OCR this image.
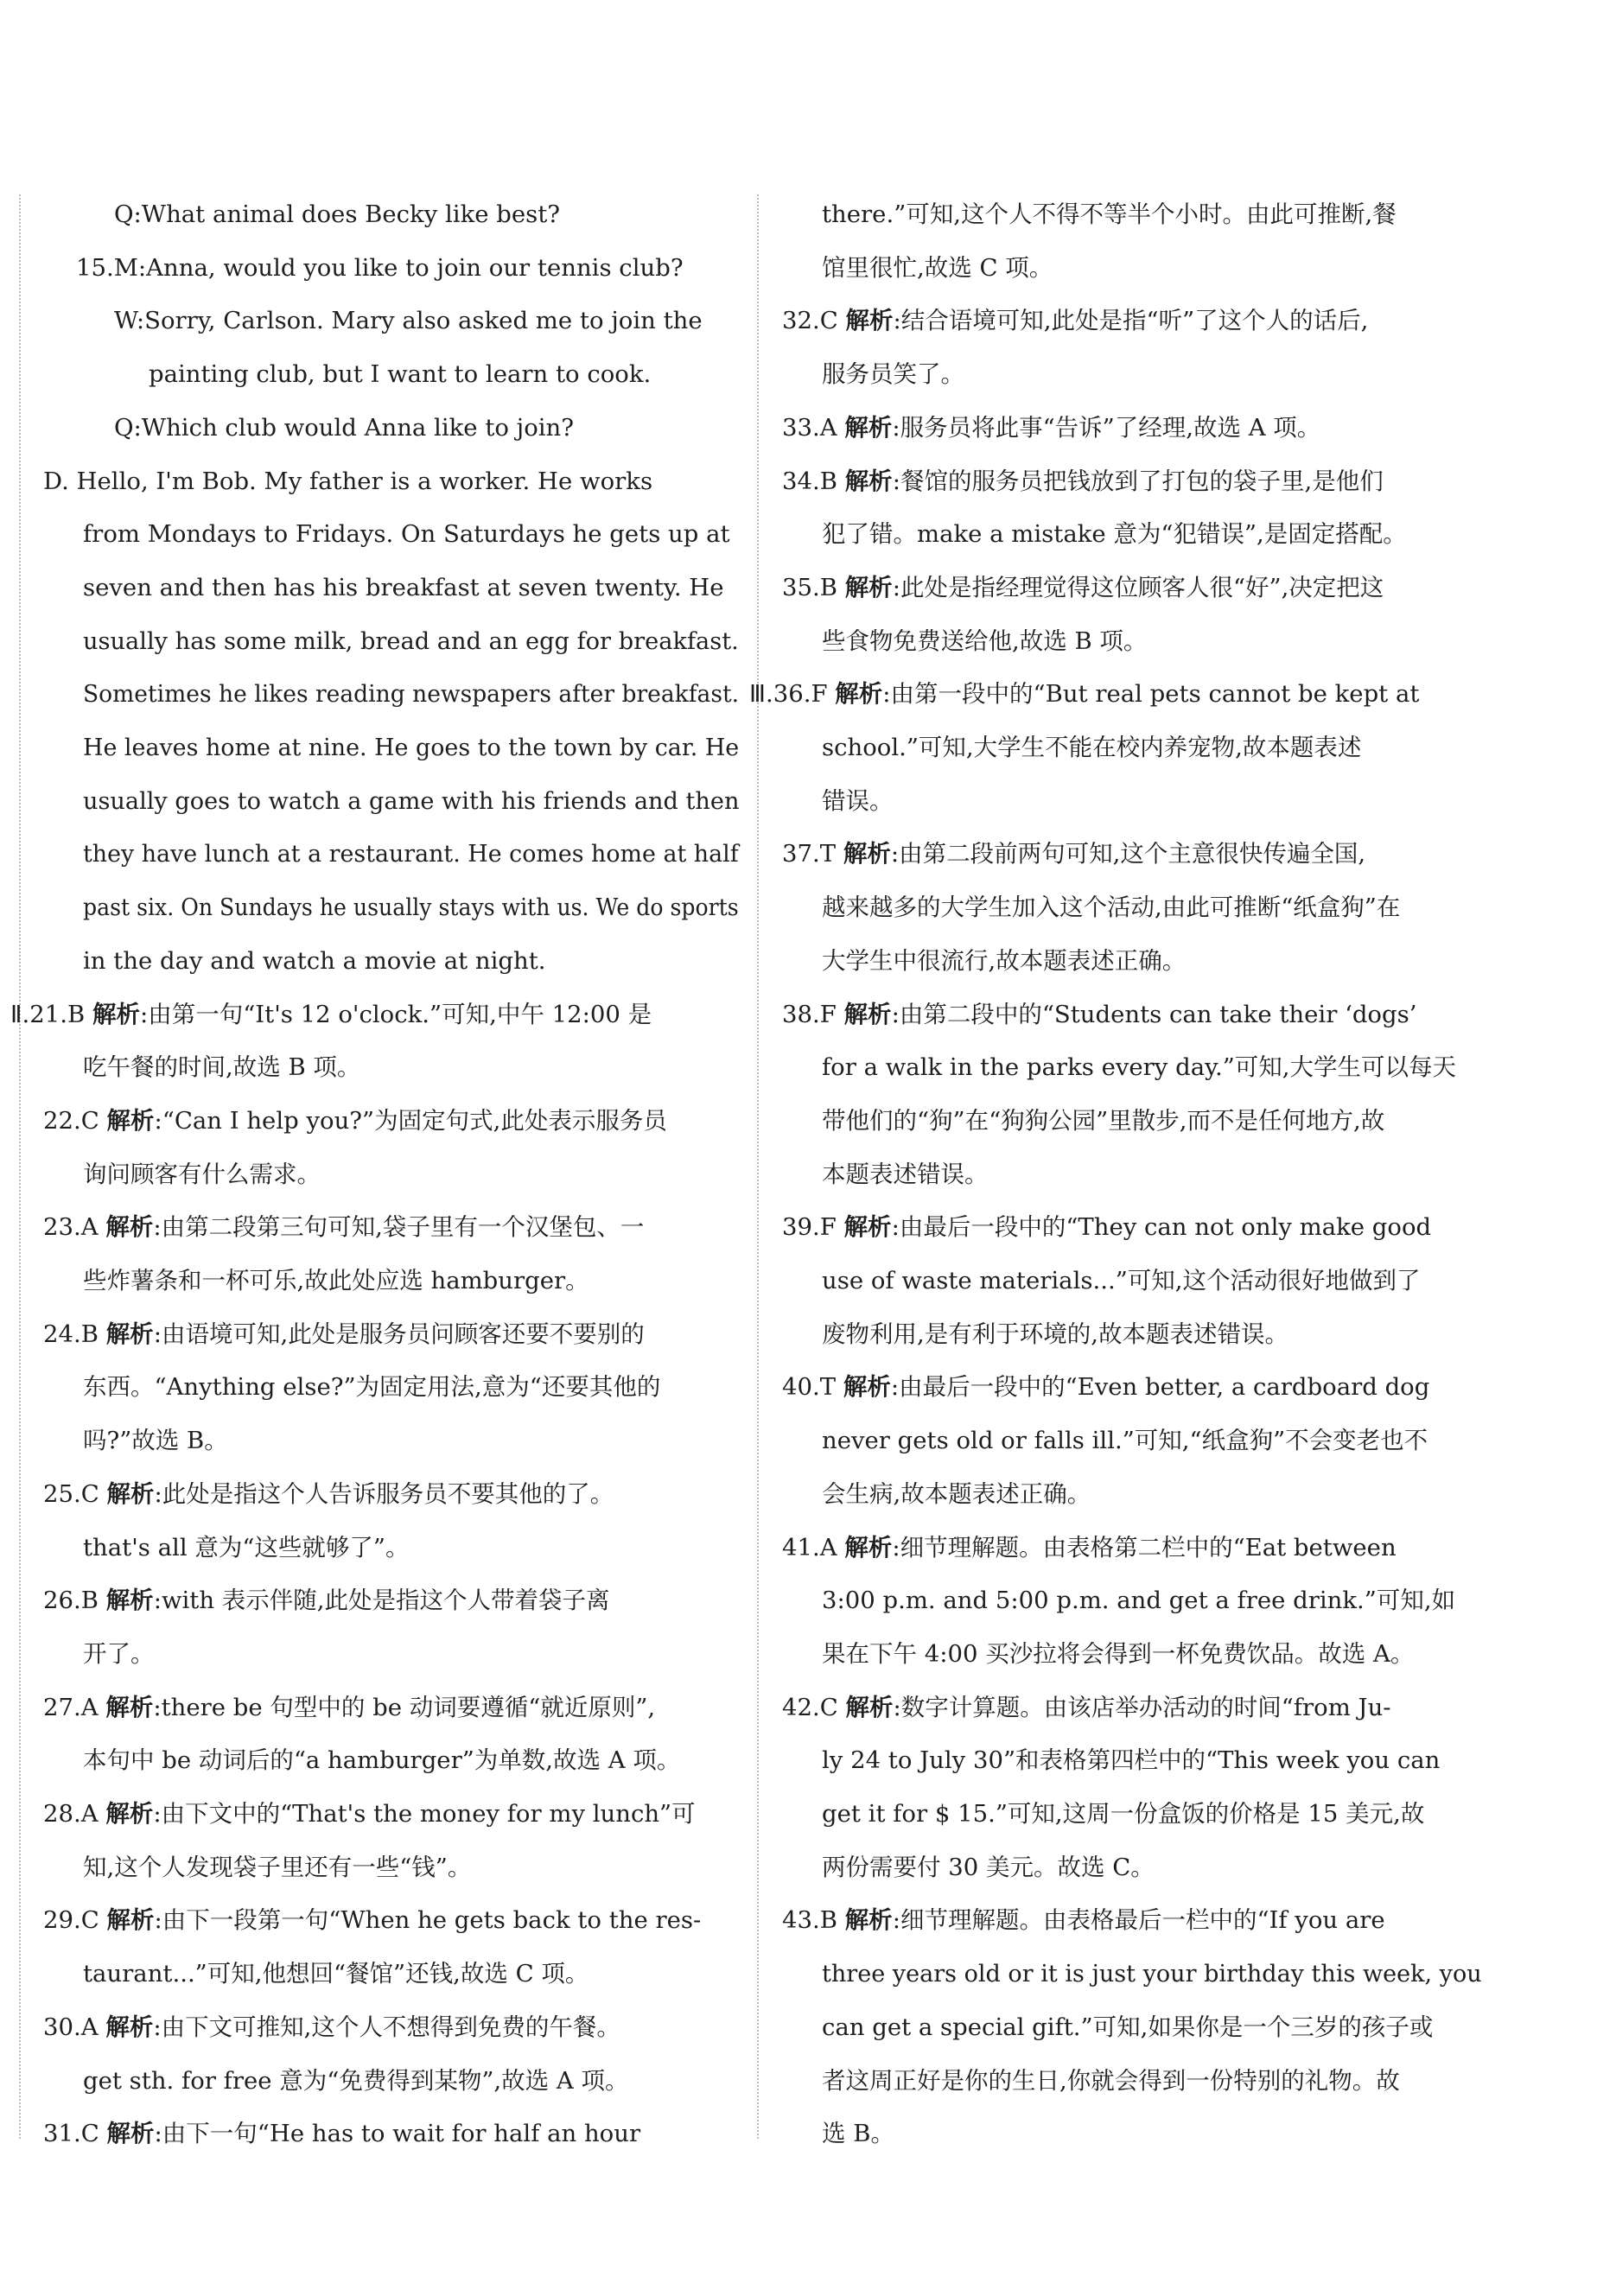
Q:What animal does Becky like best?
15.M:Anna, would you like to join our tennis club?
W:Sorry, Carlson. Mary also asked me to join the
painting club, but I want to learn to cook.
Q:Which club would Anna like to join?
D. Hello, I'm Bob. My father is a worker. He works
from Mondays to Fridays. On Saturdays he gets up at
seven and then has his breakfast at seven twenty. He
usually has some milk, bread and an egg for breakfast.
Sometimes he likes reading newspapers after breakfast.
He leaves home at nine. He goes to the town by car. He
usually goes to watch a game with his friends and then
they have lunch at a restaurant. He comes home at half
past six. On Sundays he usually stays with us. We do sports
in the day and watch a movie at night.
Ⅱ.21.B 解析:由第一句“It's 12 o'clock.”可知,中午 12:00 是
吃午餐的时间,故选 B 项。
22.C 解析:“Can I help you?”为固定句式,此处表示服务员
询问顾客有什么需求。
23.A 解析:由第二段第三句可知,袋子里有一个汉堡包、一
些炸薯条和一杯可乐,故此处应选 hamburger。
24.B 解析:由语境可知,此处是服务员问顾客还要不要别的
东西。“Anything else?”为固定用法,意为“还要其他的
吗?”故选 B。
25.C 解析:此处是指这个人告诉服务员不要其他的了。
that's all 意为“这些就够了”。
26.B 解析:with 表示伴随,此处是指这个人带着袋子离
开了。
27.A 解析:there be 句型中的 be 动词要遵循“就近原则”,
本句中 be 动词后的“a hamburger”为单数,故选 A 项。
28.A 解析:由下文中的“That's the money for my lunch”可
知,这个人发现袋子里还有一些“钱”。
29.C 解析:由下一段第一句“When he gets back to the res-
taurant...”可知,他想回“餐馆”还钱,故选 C 项。
30.A 解析:由下文可推知,这个人不想得到免费的午餐。
get sth. for free 意为“免费得到某物”,故选 A 项。
31.C 解析:由下一句“He has to wait for half an hour
there.”可知,这个人不得不等半个小时。由此可推断,餐
馆里很忙,故选 C 项。
32.C 解析:结合语境可知,此处是指“听”了这个人的话后,
服务员笑了。
33.A 解析:服务员将此事“告诉”了经理,故选 A 项。
34.B 解析:餐馆的服务员把钱放到了打包的袋子里,是他们
犯了错。make a mistake 意为“犯错误”,是固定搭配。
35.B 解析:此处是指经理觉得这位顾客人很“好”,决定把这
些食物免费送给他,故选 B 项。
Ⅲ.36.F 解析:由第一段中的“But real pets cannot be kept at
school.”可知,大学生不能在校内养宠物,故本题表述
错误。
37.T 解析:由第二段前两句可知,这个主意很快传遍全国,
越来越多的大学生加入这个活动,由此可推断“纸盒狗”在
大学生中很流行,故本题表述正确。
38.F 解析:由第二段中的“Students can take their ‘dogs’
for a walk in the parks every day.”可知,大学生可以每天
带他们的“狗”在“狗狗公园”里散步,而不是任何地方,故
本题表述错误。
39.F 解析:由最后一段中的“They can not only make good
use of waste materials...”可知,这个活动很好地做到了
废物利用,是有利于环境的,故本题表述错误。
40.T 解析:由最后一段中的“Even better, a cardboard dog
never gets old or falls ill.”可知,“纸盒狗”不会变老也不
会生病,故本题表述正确。
41.A 解析:细节理解题。由表格第二栏中的“Eat between
3:00 p.m. and 5:00 p.m. and get a free drink.”可知,如
果在下午 4:00 买沙拉将会得到一杯免费饮品。故选 A。
42.C 解析:数字计算题。由该店举办活动的时间“from Ju-
ly 24 to July 30”和表格第四栏中的“This week you can
get it for $ 15.”可知,这周一份盒饭的价格是 15 美元,故
两份需要付 30 美元。故选 C。
43.B 解析:细节理解题。由表格最后一栏中的“If you are
three years old or it is just your birthday this week, you
can get a special gift.”可知,如果你是一个三岁的孩子或
者这周正好是你的生日,你就会得到一份特别的礼物。故
选 B。
